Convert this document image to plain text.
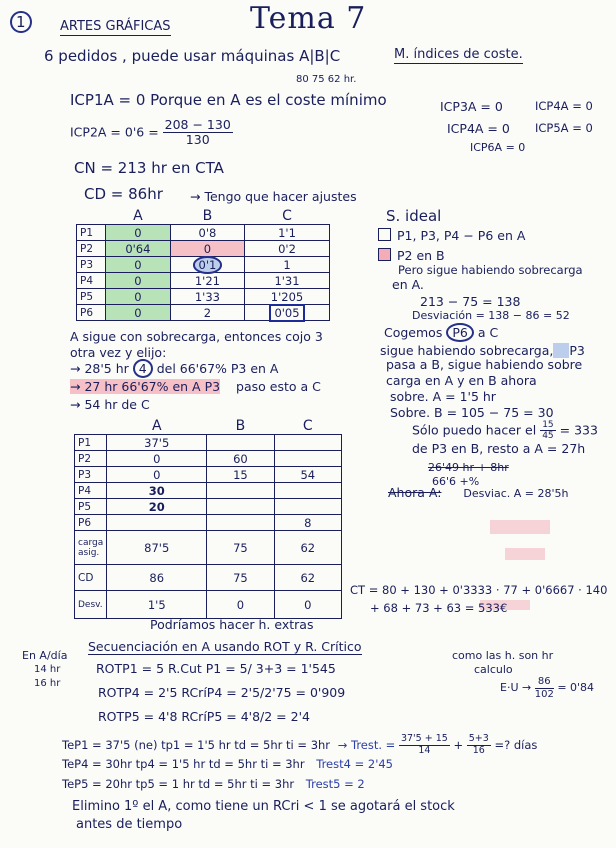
1	ARTES GRÁFICAS	Tema 7
6 pedidos , puede usar máquinas A|B|C
80 75 62 hr.
M. índices de coste.
ICP1A = 0 Porque en A es el coste mínimo
$ICP2A = 0'6 = \frac{208 - 130}{130}$
ICP3A = 0	ICP4A = 0
ICP4A = 0 ICP5A = 0
ICP6A = 0
CN = 213 hr en CTA
CD = 86hr → Tengo que hacer ajustes
	A	B	C
P1	0	0'8	1'1
P2	0'64	0	0'2
P3	0	0'1	1
P4	0	1'21	1'31
P5	0	1'33	1'205
P6	0	2	0'05
S. ideal
P1, P3, P4 − P6 en A
P2 en B
Pero sigue habiendo sobrecarga
en A.
213 − 75 = 138
Desviación = 138 − 86 = 52
Cogemos P6 a C
sigue habiendo sobrecarga, P3
pasa a B, sigue habiendo sobre
carga en A y en B ahora
sobre. A = 1'5 hr
Sobre. B = 105 − 75 = 30
Sólo puedo hacer el $\frac{15}{45} = 333$
de P3 en B, resto a A = 27h
26'49 hr + 8hr
66'6 +%
Ahora A: Desviac. A = 28'5h
A sigue con sobrecarga, entonces cojo 3
otra vez y elijo:
→ 28'5 hr 4 del 66'67% P3 en A
→ 27 hr 66'67% en A P3 paso esto a C
→ 54 hr de C
	A	B	C
P1	37'5		
P2	0	60	
P3	0	15	54
P4	30		
P5	20		
P6			8
carga asig.	87'5	75	62
CD	86	75	62
Desv.	1'5	0	0
Podríamos hacer h. extras
CT = 80 + 130 + 0'3333 · 77 + 0'6667 · 140
+ 68 + 73 + 63 = 533€
Secuenciación en A usando ROT y R. Crítico
En A/día
14 hr
16 hr
ROTP1 = 5 R.Cut P1 = 5/ 3+3 = 1'545
ROTP4 = 2'5 RCríP4 = 2'5/2'75 = 0'909
ROTP5 = 4'8 RCríP5 = 4'8/2 = 2'4
como las h. son hr
calculo
$E\cdot U \to \frac{86}{102} = 0'84$
TeP1 = 37'5 (ne) tp1 = 1'5 hr td = 5hr ti = 3hr → Trest. = $\frac{37'5 + 15}{14} + \frac{5+3}{16}$ =? días
TeP4 = 30hr tp4 = 1'5 hr td = 5hr ti = 3hr Trest4 = 2'45
TeP5 = 20hr tp5 = 1 hr td = 5hr ti = 3hr Trest5 = 2
Elimino 1º el A, como tiene un RCri < 1 se agotará el stock
antes de tiempo
